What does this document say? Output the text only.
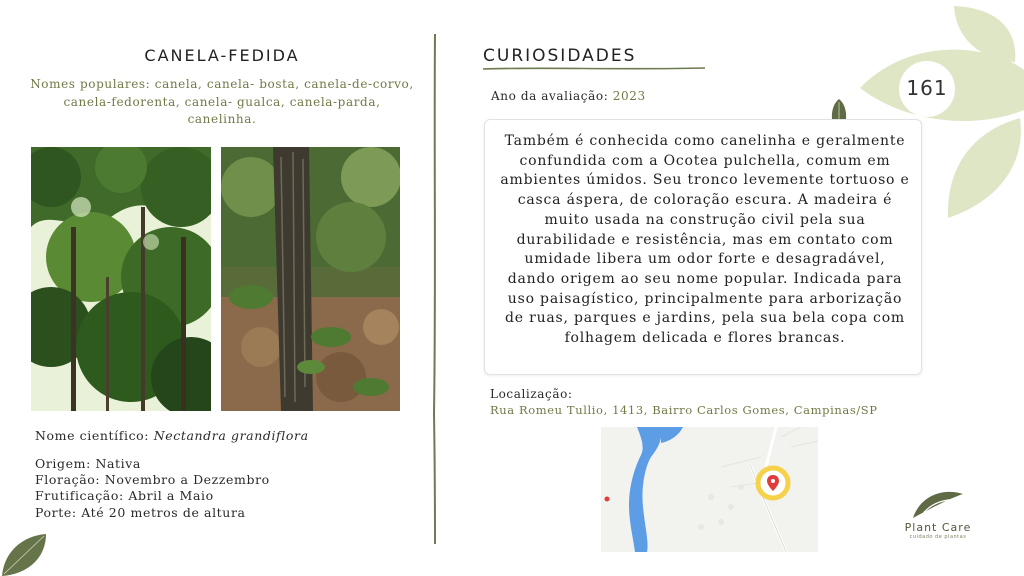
161
CANELA-FEDIDA
Nomes populares: canela, canela- bosta, canela-de-corvo, canela-fedorenta, canela- gualca, canela-parda, canelinha.
Nome científico: Nectandra grandiflora
Origem: Nativa
Floração: Novembro a Dezzembro
Frutificação: Abril a Maio
Porte: Até 20 metros de altura
CURIOSIDADES
Ano da avaliação: 2023
Também é conhecida como canelinha e geralmente confundida com a Ocotea pulchella, comum em ambientes úmidos. Seu tronco levemente tortuoso e casca áspera, de coloração escura. A madeira é muito usada na construção civil pela sua durabilidade e resistência, mas em contato com umidade libera um odor forte e desagradável, dando origem ao seu nome popular. Indicada para uso paisagístico, principalmente para arborização de ruas, parques e jardins, pela sua bela copa com folhagem delicada e flores brancas.
Localização:
Rua Romeu Tullio, 1413, Bairro Carlos Gomes, Campinas/SP
Plant Care
cuidado de plantas
